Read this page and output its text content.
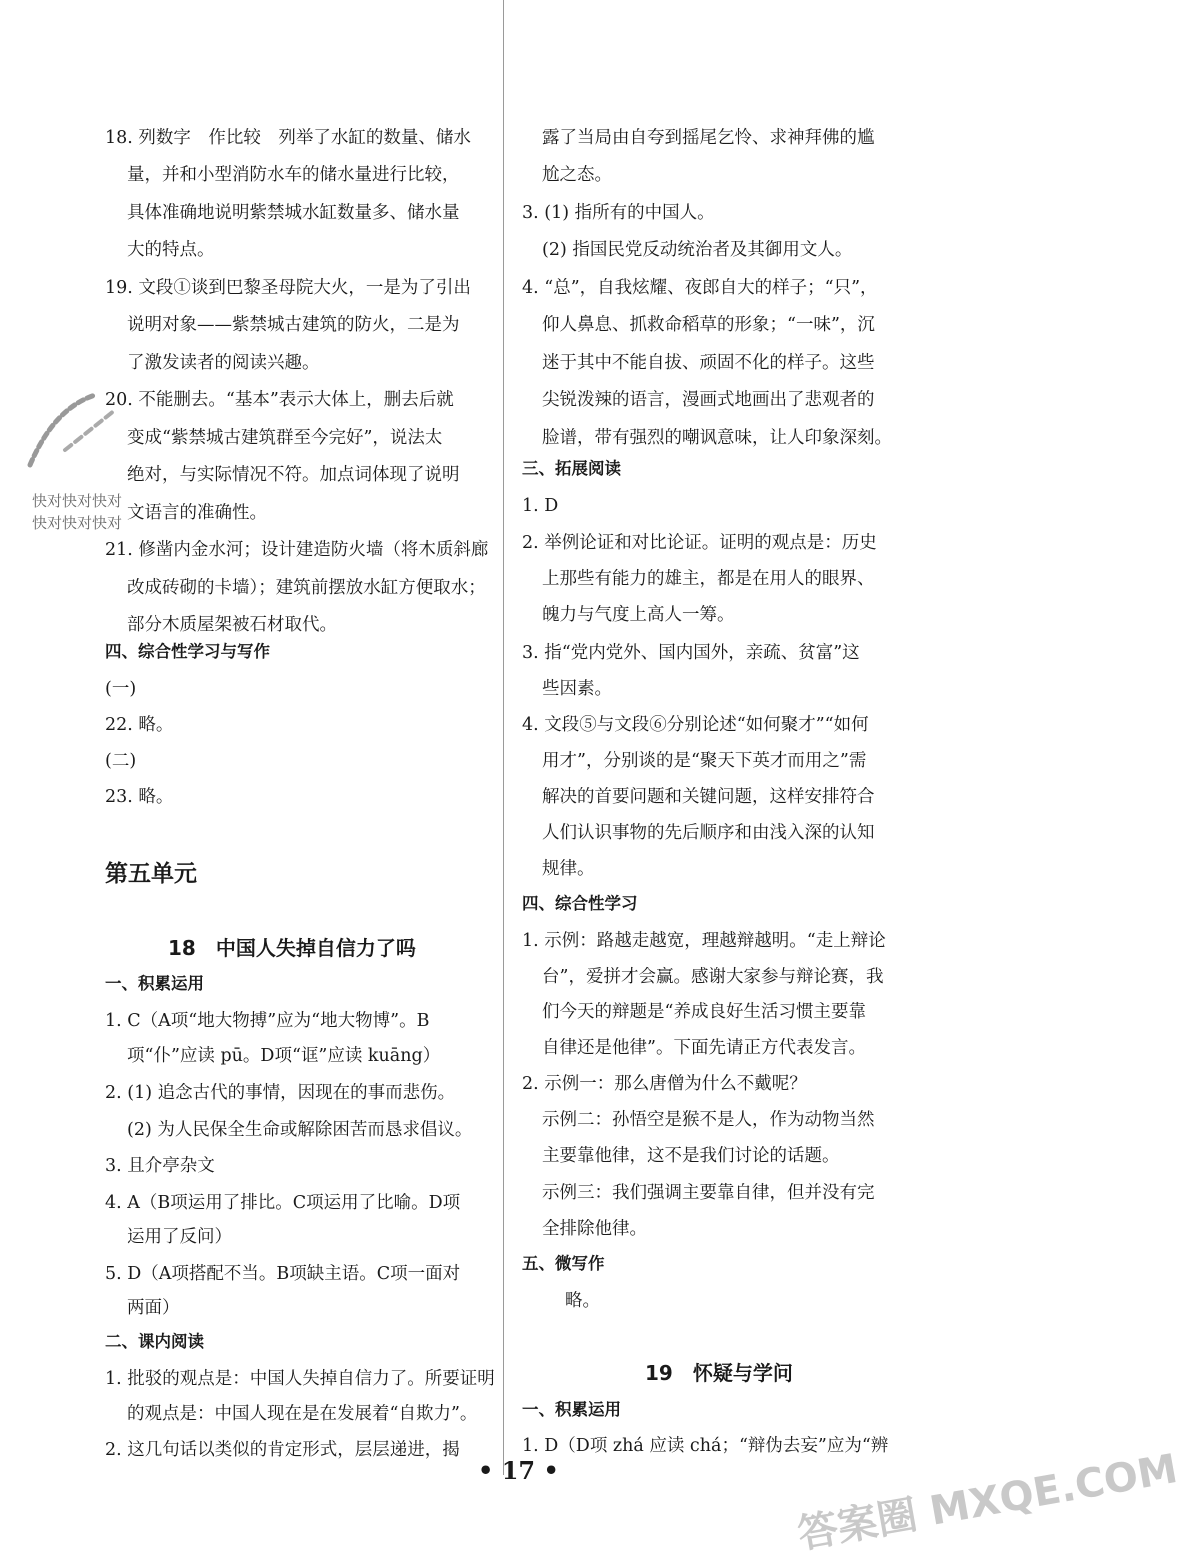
18. 列数字　作比较　列举了水缸的数量、储水
量，并和小型消防水车的储水量进行比较，
具体准确地说明紫禁城水缸数量多、储水量
大的特点。
19. 文段①谈到巴黎圣母院大火，一是为了引出
说明对象——紫禁城古建筑的防火，二是为
了激发读者的阅读兴趣。
20. 不能删去。“基本”表示大体上，删去后就
变成“紫禁城古建筑群至今完好”，说法太
绝对，与实际情况不符。加点词体现了说明
文语言的准确性。
21. 修凿内金水河；设计建造防火墙（将木质斜廊
改成砖砌的卡墙）；建筑前摆放水缸方便取水；
部分木质屋架被石材取代。
四、综合性学习与写作
(一)
22. 略。
(二)
23. 略。
第五单元
18　中国人失掉自信力了吗
一、积累运用
1. C（A项“地大物搏”应为“地大物博”。B
项“仆”应读 pū。D项“诓”应读 kuāng）
2. (1) 追念古代的事情，因现在的事而悲伤。
(2) 为人民保全生命或解除困苦而恳求倡议。
3. 且介亭杂文
4. A（B项运用了排比。C项运用了比喻。D项
运用了反问）
5. D（A项搭配不当。B项缺主语。C项一面对
两面）
二、课内阅读
1. 批驳的观点是：中国人失掉自信力了。所要证明
的观点是：中国人现在是在发展着“自欺力”。
2. 这几句话以类似的肯定形式，层层递进，揭
快对快对快对
快对快对快对
露了当局由自夸到摇尾乞怜、求神拜佛的尴
尬之态。
3. (1) 指所有的中国人。
(2) 指国民党反动统治者及其御用文人。
4. “总”，自我炫耀、夜郎自大的样子；“只”，
仰人鼻息、抓救命稻草的形象；“一味”，沉
迷于其中不能自拔、顽固不化的样子。这些
尖锐泼辣的语言，漫画式地画出了悲观者的
脸谱，带有强烈的嘲讽意味，让人印象深刻。
三、拓展阅读
1. D
2. 举例论证和对比论证。证明的观点是：历史
上那些有能力的雄主，都是在用人的眼界、
魄力与气度上高人一筹。
3. 指“党内党外、国内国外，亲疏、贫富”这
些因素。
4. 文段⑤与文段⑥分别论述“如何聚才”“如何
用才”，分别谈的是“聚天下英才而用之”需
解决的首要问题和关键问题，这样安排符合
人们认识事物的先后顺序和由浅入深的认知
规律。
四、综合性学习
1. 示例：路越走越宽，理越辩越明。“走上辩论
台”，爱拼才会赢。感谢大家参与辩论赛，我
们今天的辩题是“养成良好生活习惯主要靠
自律还是他律”。下面先请正方代表发言。
2. 示例一：那么唐僧为什么不戴呢？
示例二：孙悟空是猴不是人，作为动物当然
主要靠他律，这不是我们讨论的话题。
示例三：我们强调主要靠自律，但并没有完
全排除他律。
五、微写作
略。
19　怀疑与学问
一、积累运用
1. D（D项 zhá 应读 chá；“辩伪去妄”应为“辨
• 17 •	答案圈 MXQE.COM
